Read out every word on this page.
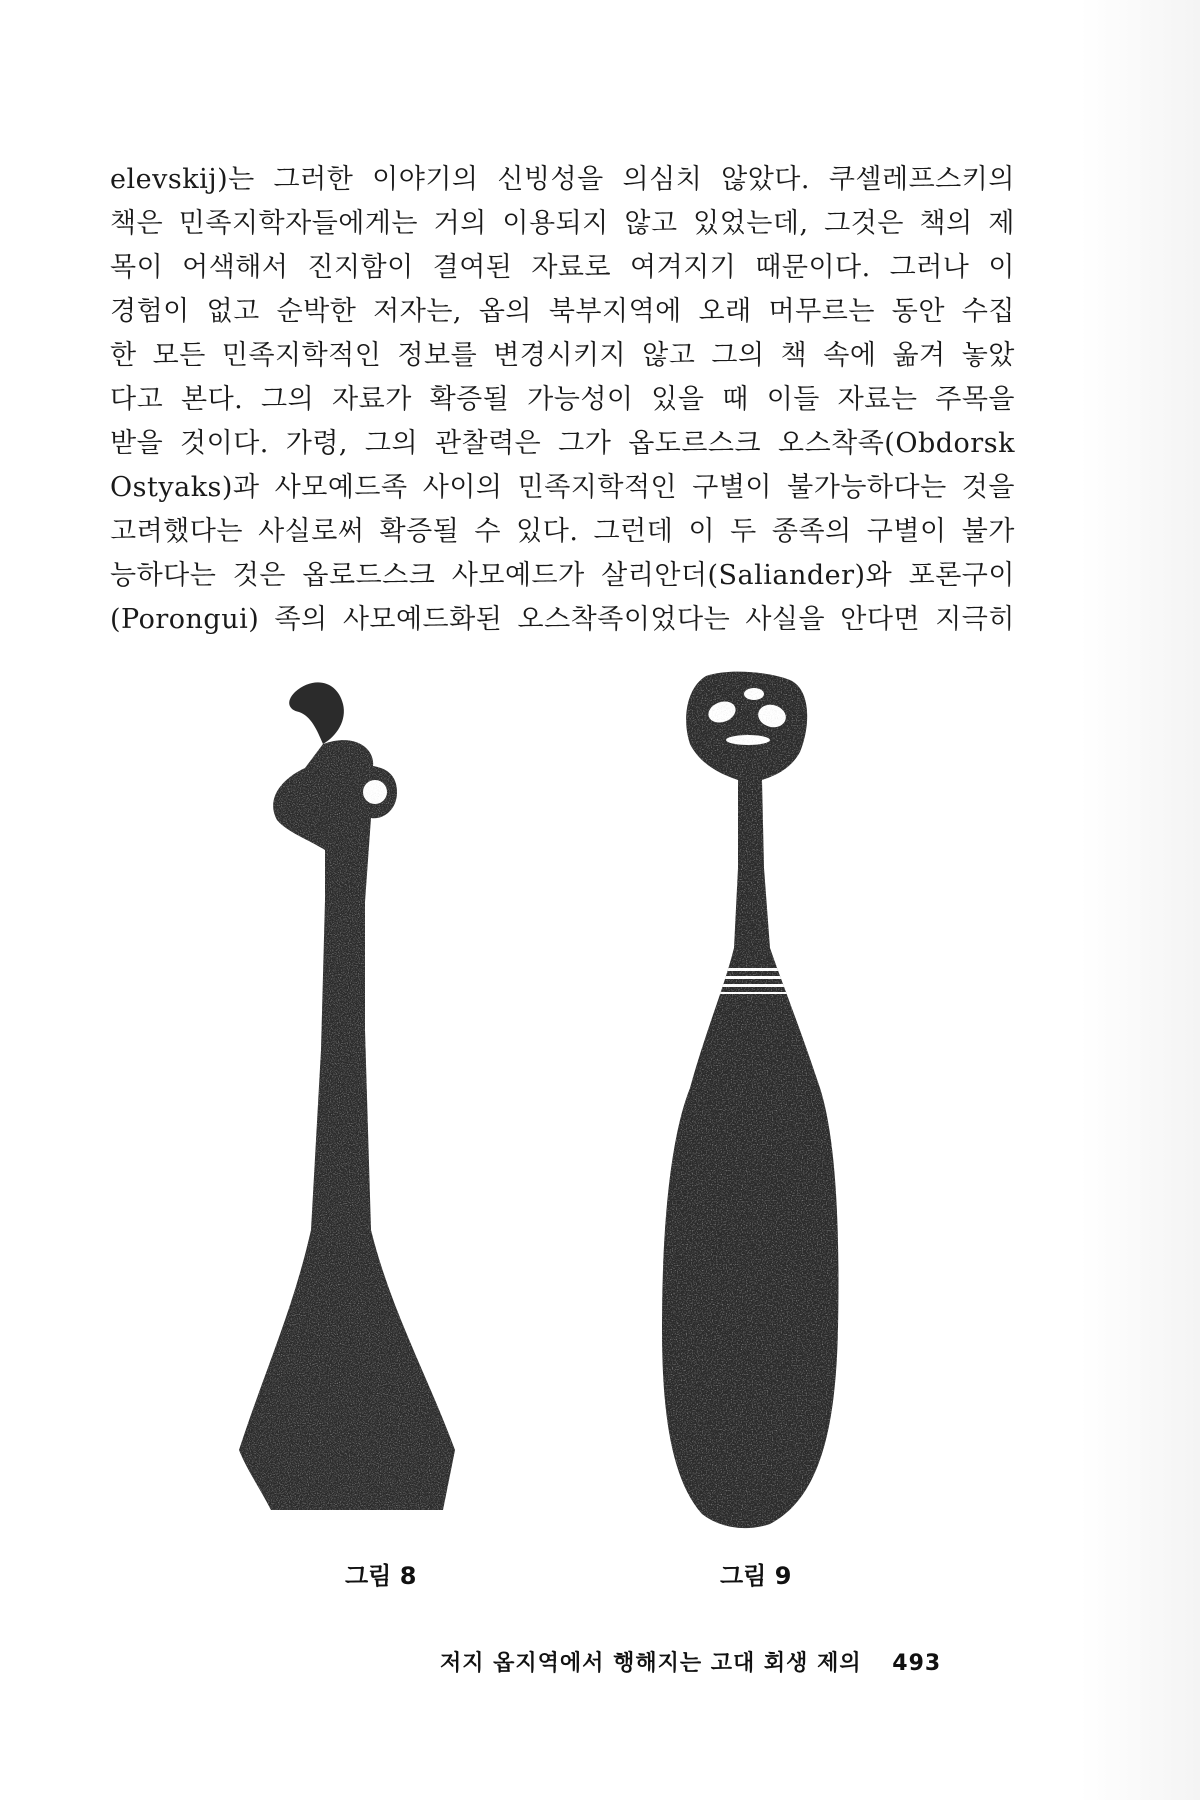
elevskij)는 그러한 이야기의 신빙성을 의심치 않았다. 쿠셀레프스키의
책은 민족지학자들에게는 거의 이용되지 않고 있었는데, 그것은 책의 제
목이 어색해서 진지함이 결여된 자료로 여겨지기 때문이다. 그러나 이
경험이 없고 순박한 저자는, 옵의 북부지역에 오래 머무르는 동안 수집
한 모든 민족지학적인 정보를 변경시키지 않고 그의 책 속에 옮겨 놓았
다고 본다. 그의 자료가 확증될 가능성이 있을 때 이들 자료는 주목을
받을 것이다. 가령, 그의 관찰력은 그가 옵도르스크 오스착족(Obdorsk
Ostyaks)과 사모예드족 사이의 민족지학적인 구별이 불가능하다는 것을
고려했다는 사실로써 확증될 수 있다. 그런데 이 두 종족의 구별이 불가
능하다는 것은 옵로드스크 사모예드가 살리안더(Saliander)와 포론구이
(Porongui) 족의 사모예드화된 오스착족이었다는 사실을 안다면 지극히
그림 8	그림 9
저지 옵지역에서 행해지는 고대 회생 제의 493
